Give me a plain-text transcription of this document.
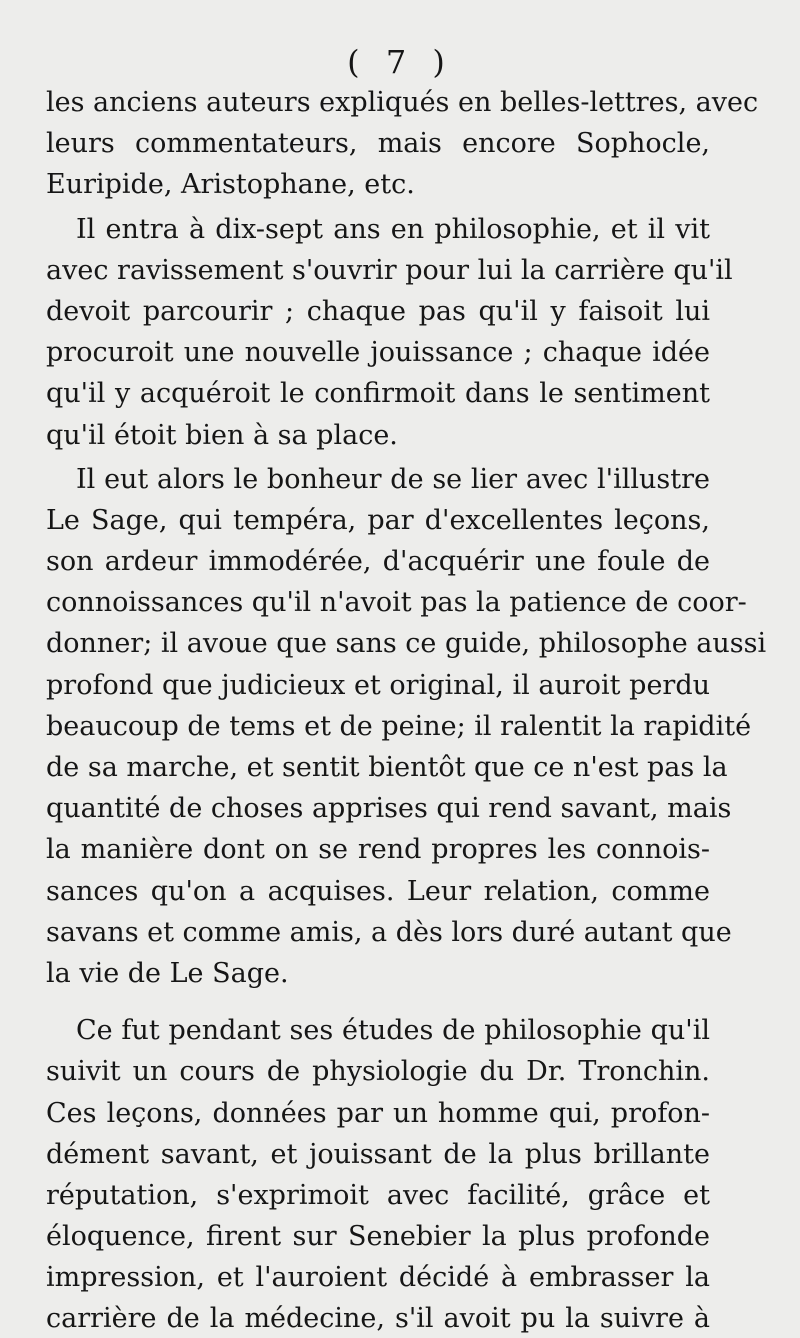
( 7 )
les anciens auteurs expliqués en belles-lettres, avec
leurs commentateurs, mais encore Sophocle,
Euripide, Aristophane, etc.
Il entra à dix-sept ans en philosophie, et il vit
avec ravissement s'ouvrir pour lui la carrière qu'il
devoit parcourir ; chaque pas qu'il y faisoit lui
procuroit une nouvelle jouissance ; chaque idée
qu'il y acquéroit le confirmoit dans le sentiment
qu'il étoit bien à sa place.
Il eut alors le bonheur de se lier avec l'illustre
Le Sage, qui tempéra, par d'excellentes leçons,
son ardeur immodérée, d'acquérir une foule de
connoissances qu'il n'avoit pas la patience de coor-
donner; il avoue que sans ce guide, philosophe aussi
profond que judicieux et original, il auroit perdu
beaucoup de tems et de peine; il ralentit la rapidité
de sa marche, et sentit bientôt que ce n'est pas la
quantité de choses apprises qui rend savant, mais
la manière dont on se rend propres les connois-
sances qu'on a acquises. Leur relation, comme
savans et comme amis, a dès lors duré autant que
la vie de Le Sage.
Ce fut pendant ses études de philosophie qu'il
suivit un cours de physiologie du Dr. Tronchin.
Ces leçons, données par un homme qui, profon-
dément savant, et jouissant de la plus brillante
réputation, s'exprimoit avec facilité, grâce et
éloquence, firent sur Senebier la plus profonde
impression, et l'auroient décidé à embrasser la
carrière de la médecine, s'il avoit pu la suivre à
